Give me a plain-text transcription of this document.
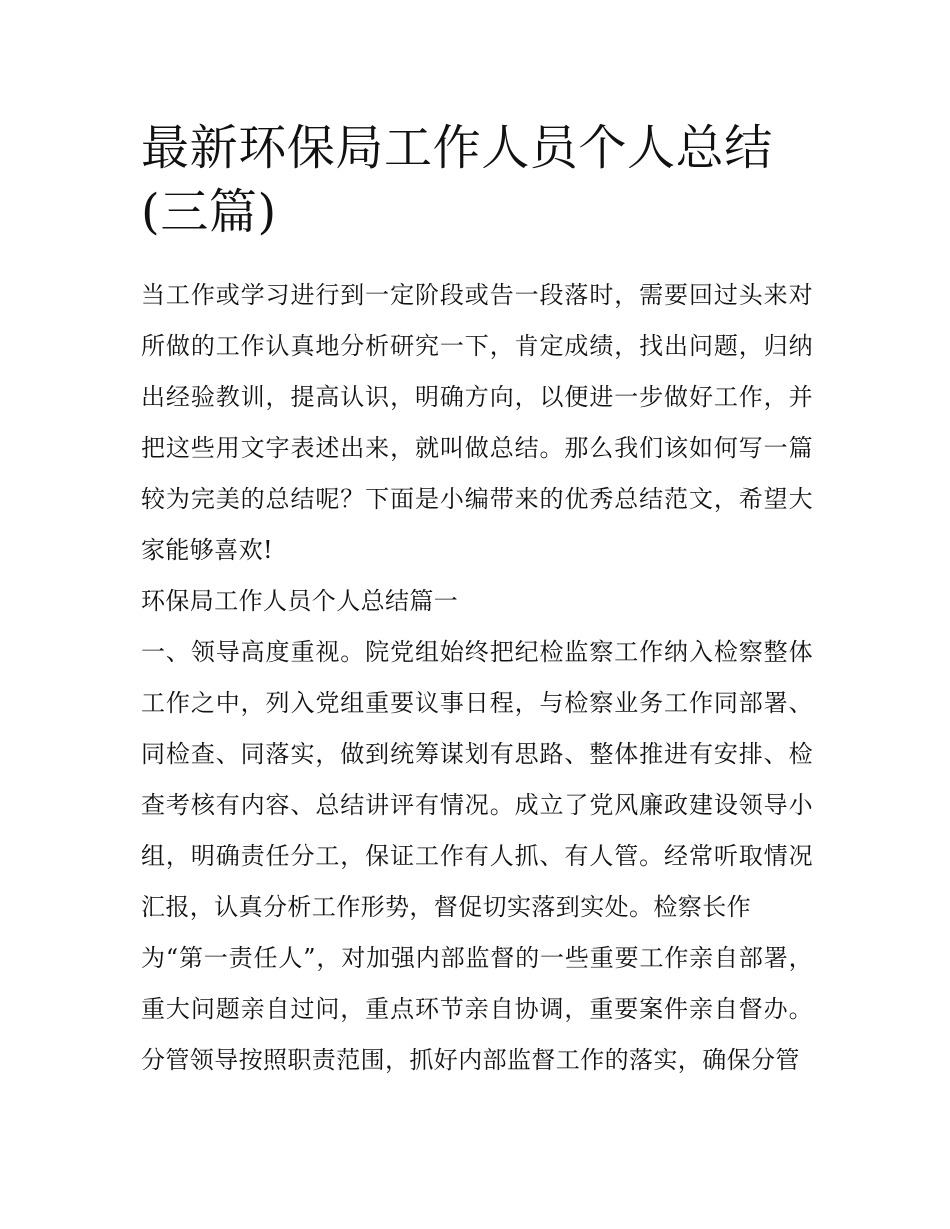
最新环保局工作人员个人总结(三篇)

当工作或学习进行到一定阶段或告一段落时，需要回过头来对所做的工作认真地分析研究一下，肯定成绩，找出问题，归纳出经验教训，提高认识，明确方向，以便进一步做好工作，并把这些用文字表述出来，就叫做总结。那么我们该如何写一篇较为完美的总结呢？下面是小编带来的优秀总结范文，希望大家能够喜欢!

环保局工作人员个人总结篇一

一、领导高度重视。院党组始终把纪检监察工作纳入检察整体工作之中，列入党组重要议事日程，与检察业务工作同部署、同检查、同落实，做到统筹谋划有思路、整体推进有安排、检查考核有内容、总结讲评有情况。成立了党风廉政建设领导小组，明确责任分工，保证工作有人抓、有人管。经常听取情况汇报，认真分析工作形势，督促切实落到实处。检察长作

为“第一责任人”，对加强内部监督的一些重要工作亲自部署，重大问题亲自过问，重点环节亲自协调，重要案件亲自督办。分管领导按照职责范围，抓好内部监督工作的落实，确保分管
